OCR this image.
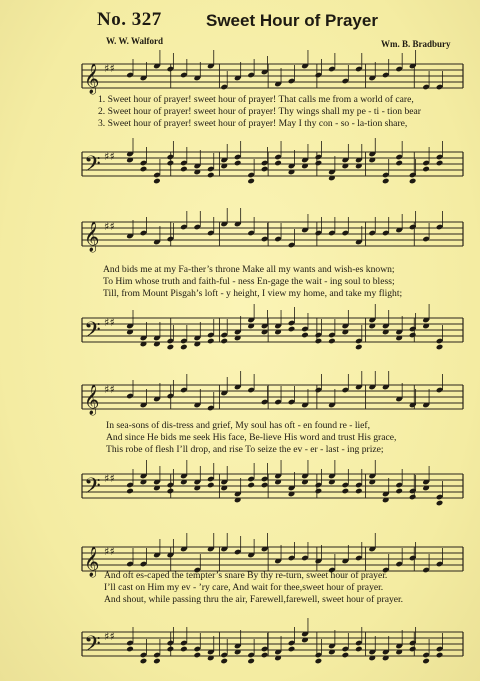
No. 327	Sweet Hour of Prayer
W. W. Walford	Wm. B. Bradbury
𝄞 ♯♯
1. Sweet hour of prayer! sweet hour of prayer! That calls me from a world of care,
2. Sweet hour of prayer! sweet hour of prayer! Thy wings shall my pe - ti - tion bear
3. Sweet hour of prayer! sweet hour of prayer! May I thy con - so - la-tion share,
𝄢 ♯♯
𝄞 ♯♯
And bids me at my Fa-ther’s throne Make all my wants and wish-es known;
To Him whose truth and faith-ful - ness En-gage the wait - ing soul to bless;
Till, from Mount Pisgah’s loft - y height, I view my home, and take my flight;
𝄢 ♯♯
𝄞 ♯♯
In sea-sons of dis-tress and grief, My soul has oft - en found re - lief,
And since He bids me seek His face, Be-lieve His word and trust His grace,
This robe of flesh I’ll drop, and rise To seize the ev - er - last - ing prize;
𝄢 ♯♯
𝄞 ♯♯
And oft es-caped the tempter’s snare By thy re-turn, sweet hour of prayer.
I’ll cast on Him my ev - ’ry care, And wait for thee,sweet hour of prayer.
And shout, while passing thru the air, Farewell,farewell, sweet hour of prayer.
𝄢 ♯♯
